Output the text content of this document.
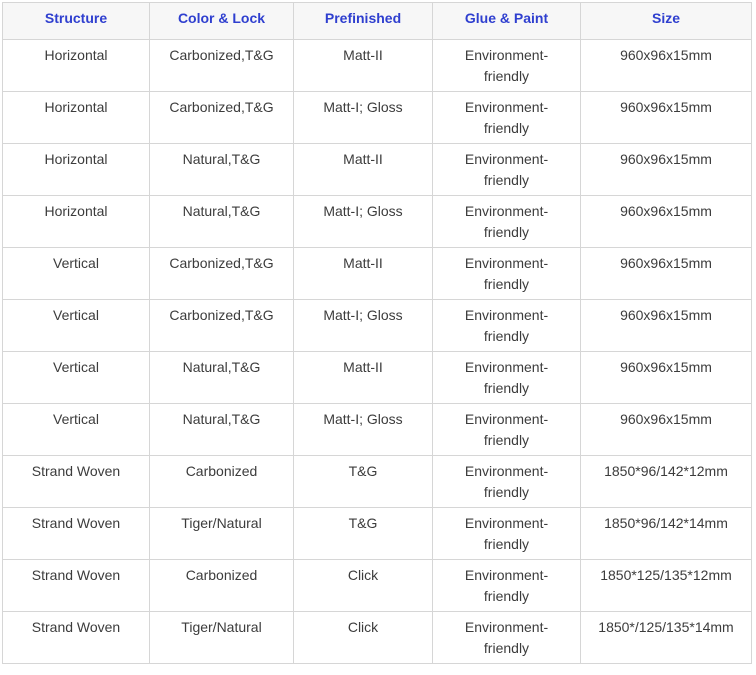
Structure	Color & Lock	Prefinished	Glue & Paint	Size
Horizontal	Carbonized,T&G	Matt-II	Environment-friendly	960x96x15mm
Horizontal	Carbonized,T&G	Matt-I; Gloss	Environment-friendly	960x96x15mm
Horizontal	Natural,T&G	Matt-II	Environment-friendly	960x96x15mm
Horizontal	Natural,T&G	Matt-I; Gloss	Environment-friendly	960x96x15mm
Vertical	Carbonized,T&G	Matt-II	Environment-friendly	960x96x15mm
Vertical	Carbonized,T&G	Matt-I; Gloss	Environment-friendly	960x96x15mm
Vertical	Natural,T&G	Matt-II	Environment-friendly	960x96x15mm
Vertical	Natural,T&G	Matt-I; Gloss	Environment-friendly	960x96x15mm
Strand Woven	Carbonized	T&G	Environment-friendly	1850*96/142*12mm
Strand Woven	Tiger/Natural	T&G	Environment-friendly	1850*96/142*14mm
Strand Woven	Carbonized	Click	Environment-friendly	1850*125/135*12mm
Strand Woven	Tiger/Natural	Click	Environment-friendly	1850*/125/135*14mm
